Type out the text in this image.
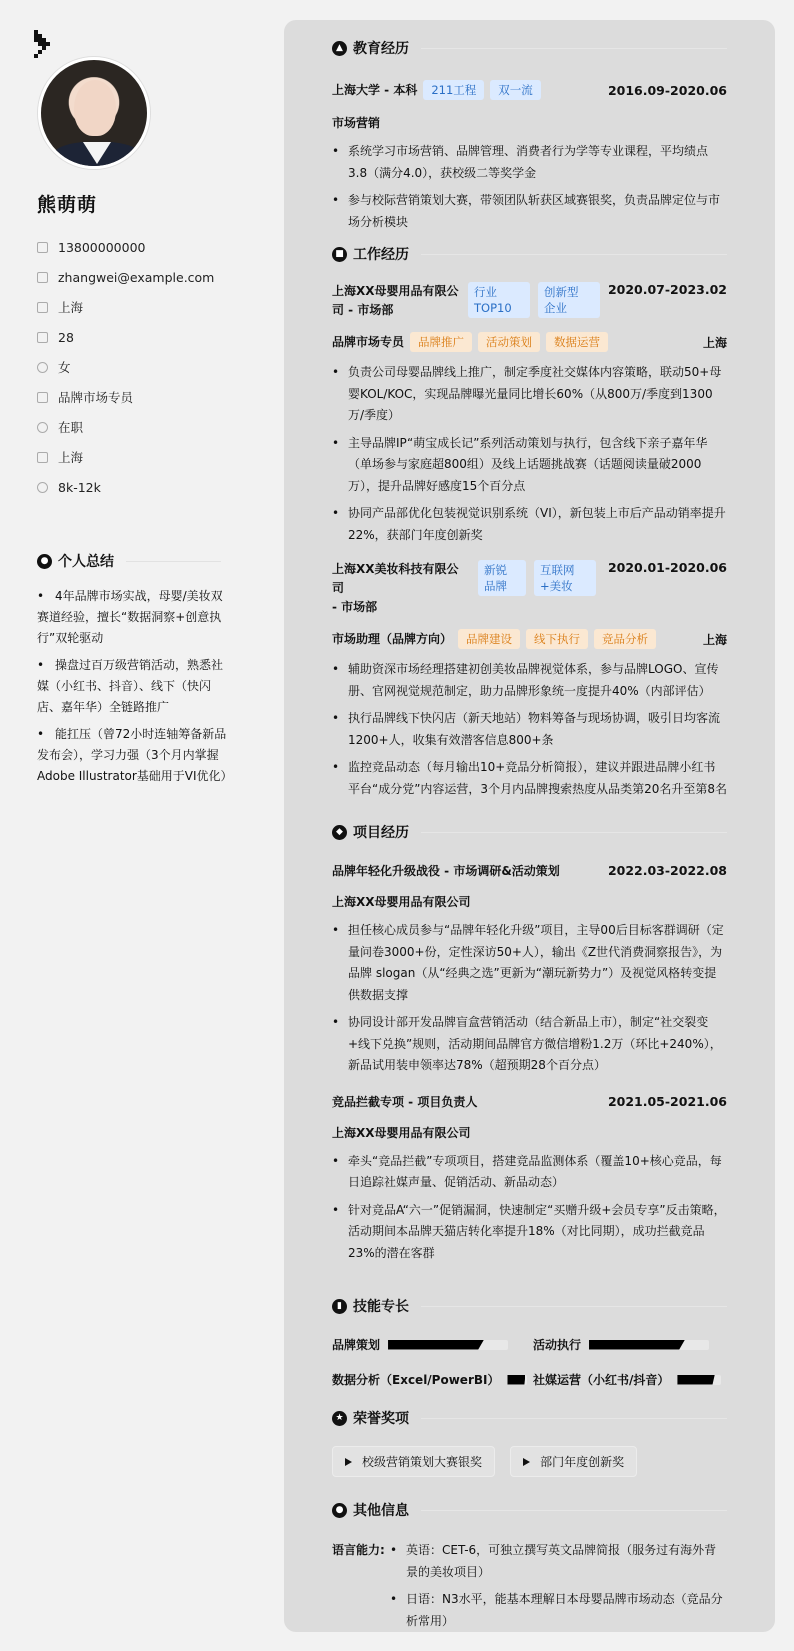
熊萌萌
13800000000
zhangwei@example.com
上海
28
女
品牌市场专员
在职
上海
8k-12k
● 个人总结
• 4年品牌市场实战，母婴/美妆双赛道经验，擅长“数据洞察+创意执行”双轮驱动
• 操盘过百万级营销活动，熟悉社媒（小红书、抖音）、线下（快闪店、嘉年华）全链路推广
• 能扛压（曾72小时连轴筹备新品发布会），学习力强（3个月内掌握Adobe Illustrator基础用于VI优化）
▲ 教育经历
上海大学 - 本科 211工程 双一流	2016.09-2020.06
市场营销
• 系统学习市场营销、品牌管理、消费者行为学等专业课程，平均绩点3.8（满分4.0），获校级二等奖学金
• 参与校际营销策划大赛，带领团队斩获区域赛银奖，负责品牌定位与市场分析模块
■ 工作经历
上海XX母婴用品有限公
司 - 市场部
行业
TOP10
创新型
企业
2020.07-2023.02
品牌市场专员 品牌推广 活动策划 数据运营	上海
• 负责公司母婴品牌线上推广，制定季度社交媒体内容策略，联动50+母婴KOL/KOC，实现品牌曝光量同比增长60%（从800万/季度到1300万/季度）
• 主导品牌IP“萌宝成长记”系列活动策划与执行，包含线下亲子嘉年华（单场参与家庭超800组）及线上话题挑战赛（话题阅读量破2000万），提升品牌好感度15个百分点
• 协同产品部优化包装视觉识别系统（VI），新包装上市后产品动销率提升22%，获部门年度创新奖
上海XX美妆科技有限公司
- 市场部
新锐
品牌
互联网
+美妆
2020.01-2020.06
市场助理（品牌方向） 品牌建设 线下执行 竞品分析	上海
• 辅助资深市场经理搭建初创美妆品牌视觉体系，参与品牌LOGO、宣传册、官网视觉规范制定，助力品牌形象统一度提升40%（内部评估）
• 执行品牌线下快闪店（新天地站）物料筹备与现场协调，吸引日均客流1200+人，收集有效潜客信息800+条
• 监控竞品动态（每月输出10+竞品分析简报），建议并跟进品牌小红书平台“成分党”内容运营，3个月内品牌搜索热度从品类第20名升至第8名
◆ 项目经历
品牌年轻化升级战役 - 市场调研&活动策划	2022.03-2022.08
上海XX母婴用品有限公司
• 担任核心成员参与“品牌年轻化升级”项目，主导00后目标客群调研（定量问卷3000+份，定性深访50+人），输出《Z世代消费洞察报告》，为品牌 slogan（从“经典之选”更新为“潮玩新势力”）及视觉风格转变提供数据支撑
• 协同设计部开发品牌盲盒营销活动（结合新品上市），制定“社交裂变+线下兑换”规则，活动期间品牌官方微信增粉1.2万（环比+240%），新品试用装申领率达78%（超预期28个百分点）
竞品拦截专项 - 项目负责人	2021.05-2021.06
上海XX母婴用品有限公司
• 牵头“竞品拦截”专项项目，搭建竞品监测体系（覆盖10+核心竞品，每日追踪社媒声量、促销活动、新品动态）
• 针对竞品A“六一”促销漏洞，快速制定“买赠升级+会员专享”反击策略，活动期间本品牌天猫店转化率提升18%（对比同期），成功拦截竞品23%的潜在客群
▮ 技能专长
品牌策划	活动执行
数据分析（Excel/PowerBI）	社媒运营（小红书/抖音）
★ 荣誉奖项
校级营销策划大赛银奖
	部门年度创新奖
● 其他信息
语言能力:
•	英语：CET-6，可独立撰写英文品牌简报（服务过有海外背景的美妆项目）
• 日语：N3水平，能基本理解日本母婴品牌市场动态（竞品分析常用）
